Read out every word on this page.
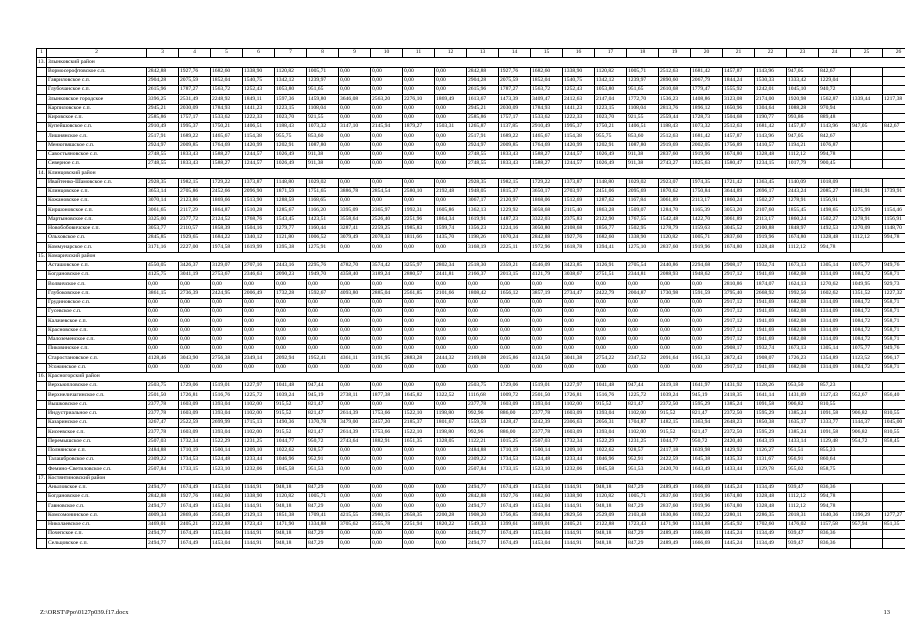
1	2	3	4	5	6	7	8	9	10	11	12	13	14	15	16	17	18	19	20	21	22	23	24	25	26
13.	Злынковский район																								
	Вормосерофтовское с.п.	2842,88	1927,76	1682,60	1338,90	1120,82	1005,71	0,00	0,00	0,00	0,00	2842,88	1927,76	1682,60	1338,90	1120,82	1005,71	2512,63	1681,42	1457,87	1143,96	947,05	842,67		
	Гавриловское с.п.	2904,28	2075,59	1852,04	1540,75	1342,12	1239,97	0,00	0,00	0,00	0,00	2904,28	2075,59	1852,04	1540,75	1342,12	1239,97	2890,60	2067,79	1844,24	1530,33	1333,42	1229,04		
	Глубочанское с.п.	2615,96	1787,27	1563,72	1252,43	1053,80	951,65	0,00	0,00	0,00	0,00	2615,96	1787,27	1563,72	1252,43	1053,80	951,65	2610,68	1779,47	1555,92	1242,01	1045,10	940,72		
	Злынковское городское	3396,25	2531,49	2248,92	1849,11	1597,36	1459,80	3646,08	2563,20	2276,10	1869,49	1613,67	1473,39	3409,47	2412,63	2147,04	1772,70	1536,23	1408,86	3123,08	2174,00	1920,98	1562,87	1339,44	1217,38
	Карпиловское с.п.	2945,21	2030,09	1784,93	1441,23	1223,15	1108,04	0,00	0,00	0,00	0,00	2945,21	2030,09	1784,93	1441,23	1223,15	1108,04	2813,76	1896,12	1650,96	1304,64	1088,28	970,94		
	Кировское с.п.	2585,86	1757,17	1533,62	1222,33	1023,70	921,55	0,00	0,00	0,00	0,00	2585,86	1757,17	1533,62	1222,33	1023,70	921,55	2559,44	1728,73	1504,68	1190,77	993,86	889,48		
	Купейшовское с.п.	2910,49	1995,37	1750,21	1406,51	1188,43	1073,32	3147,10	2145,94	1879,27	1503,31	1265,87	1137,85	2910,49	1995,37	1750,21	1406,51	1188,43	1073,32	2512,63	1681,42	1457,87	1143,96	947,05	842,67
	Лишнянское с.п.	2517,91	1689,22	1465,67	1154,38	955,75	853,60	0,00	0,00	0,00	0,00	2517,91	1689,22	1465,67	1154,38	955,75	853,60	2512,63	1681,42	1457,87	1143,96	947,05	842,67		
	Менюгвяшское с.п.	2924,97	2009,85	1764,69	1420,99	1202,91	1087,80	0,00	0,00	0,00	0,00	2924,97	2009,85	1764,69	1420,99	1202,91	1087,80	2919,69	2002,05	1756,89	1410,57	1194,21	1076,87		
	Савостьяновское с.п.	2748,55	1833,43	1588,27	1244,57	1026,49	911,38	0,00	0,00	0,00	0,00	2748,55	1833,43	1588,27	1244,57	1026,49	911,38	2837,60	1919,96	1674,80	1328,48	1112,12	994,78		
	Северное с.п.	2748,55	1833,43	1588,27	1244,57	1026,49	911,38	0,00	0,00	0,00	0,00	2748,55	1833,43	1588,27	1244,57	1026,49	911,38	2743,27	1825,63	1580,47	1234,15	1017,79	900,45		
14.	Клинцовский район																								
	Ивайтенко-Шамовское с.п.	2928,35	1982,15	1729,22	1373,87	1148,80	1029,02	0,00	0,00	0,00	0,00	2928,35	1982,15	1729,22	1373,87	1148,80	1029,02	2923,07	1974,35	1721,42	1363,45	1140,09	1018,09		
	Клинцовское с.п.	3653,14	2705,86	2452,66	2096,90	1871,59	1751,65	3886,78	2854,54	2580,10	2192,48	1948,05	1815,37	3650,17	2703,97	2451,06	2095,69	1870,62	1750,84	3644,89	2696,17	2443,24	2085,27	1861,91	1739,91
	Кожановское с.п.	3070,14	2123,86	1869,66	1513,90	1288,59	1168,65	0,00	0,00	0,00	0,00	3067,17	2120,97	1868,06	1512,69	1287,62	1167,84	3061,89	2113,17	1860,24	1502,27	1278,91	1156,91		
	Киршоновское с.п.	3061,65	2117,29	1864,87	1510,28	1285,67	1166,20	3395,09	2365,97	1992,31	1605,86	1362,13	1229,92	3058,68	2115,40	1863,28	1509,07	1284,70	1165,39	3053,20	2107,60	1855,45	1498,65	1275,99	1154,46
	Мартыновское с.п.	3325,00	2377,72	2124,52	1768,76	1543,45	1423,51	3558,64	2526,40	2251,96	1864,34	1619,91	1487,23	3322,03	2375,83	2122,90	1767,55	1542,48	1422,70	3061,89	2113,17	1860,24	1502,27	1278,91	1156,91
	Новобобовичское с.п.	3053,77	2110,57	1858,39	1504,16	1279,77	1160,44	3287,41	2259,25	1985,83	1599,74	1356,23	1224,16	3050,80	2108,68	1856,77	1502,95	1278,79	1159,63	3045,52	2100,88	1848,97	1492,53	1270,09	1148,70
	Ольховское с.п.	2845,85	1929,65	1684,22	1340,12	1121,80	1006,52	3079,49	2078,33	1811,66	1435,70	1198,26	1070,24	2842,88	1927,76	1682,60	1338,90	1120,82	1005,71	2837,60	1919,96	1674,80	1328,48	1112,12	994,78
	Коммунарское с.п.	3171,16	2227,00	1974,58	1619,99	1395,38	1275,91	0,00	0,00	0,00	0,00	3168,19	2225,11	1972,96	1618,78	1394,41	1275,10	2837,60	1919,96	1674,80	1328,48	1112,12	994,78		
15.	Комаричский район																								
	Асташовское с.п.	4550,05	3426,37	3129,07	2707,16	2443,16	2295,76	4782,70	3574,42	3255,97	2802,34	2518,30	2359,21	4546,09	3423,85	3126,91	2705,54	2440,86	2294,68	2908,17	1932,74	1673,13	1305,14	1075,77	949,76
	Богдановское с.п.	4125,75	3041,19	2753,67	2346,63	2090,23	1949,70	4358,40	3189,24	2880,57	2441,81	2166,37	2013,15	4121,79	3038,67	2751,51	2344,81	2088,93	1948,62	2917,12	1941,69	1682,08	1314,09	1084,72	958,71
	Волвичское с.п.	0,00	0,00	0,00	0,00	0,00	0,00	0,00	0,00	0,00	0,00	0,00	0,00	0,00	0,00	0,00	0,00	0,00	0,00	2810,86	1874,07	1624,13	1270,62	1049,95	929,73
	Глубоковское с.п.	3861,15	2736,39	2424,95	2006,49	1732,28	1592,67	4093,80	2885,04	2561,85	2101,66	1808,42	1656,12	3857,19	2734,47	2422,79	2004,87	1730,98	1591,59	3795,40	2668,92	1992,56	1602,62	1351,52	1227,32
	Грудиновское с.п.	0,00	0,00	0,00	0,00	0,00	0,00	0,00	0,00	0,00	0,00	0,00	0,00	0,00	0,00	0,00	0,00	0,00	0,00	2917,12	1941,69	1682,08	1314,09	1084,72	958,71
	Гусевское с.п.	0,00	0,00	0,00	0,00	0,00	0,00	0,00	0,00	0,00	0,00	0,00	0,00	0,00	0,00	0,00	0,00	0,00	0,00	2917,12	1941,69	1682,08	1314,09	1084,72	958,71
	Калачевское с.п.	0,00	0,00	0,00	0,00	0,00	0,00	0,00	0,00	0,00	0,00	0,00	0,00	0,00	0,00	0,00	0,00	0,00	0,00	2917,12	1941,69	1682,08	1314,09	1084,72	958,71
	Красновское с.п.	0,00	0,00	0,00	0,00	0,00	0,00	0,00	0,00	0,00	0,00	0,00	0,00	0,00	0,00	0,00	0,00	0,00	0,00	2917,12	1941,69	1682,08	1314,09	1084,72	958,71
	Малоземенское с.п.	0,00	0,00	0,00	0,00	0,00	0,00	0,00	0,00	0,00	0,00	0,00	0,00	0,00	0,00	0,00	0,00	0,00	0,00	2917,12	1941,69	1682,08	1314,09	1084,72	958,71
	Пиковинское с.п.	0,00	0,00	0,00	0,00	0,00	0,00	0,00	0,00	0,00	0,00	0,00	0,00	0,00	0,00	0,00	0,00	0,00	0,00	2908,17	1932,74	1673,13	1305,14	1075,77	949,76
	Старостановское с.п.	4128,46	3043,90	2756,38	2349,14	2092,94	1952,41	4361,11	3191,95	2883,28	2444,32	2169,08	2015,86	4124,50	3041,38	2754,22	2347,52	2091,64	1951,33	2872,43	1908,07	1726,23	1354,89	1123,52	996,17
	Усожинское с.п.	0,00	0,00	0,00	0,00	0,00	0,00	0,00	0,00	0,00	0,00	0,00	0,00	0,00	0,00	0,00	0,00	0,00	0,00	2917,12	1941,69	1682,08	1314,09	1084,72	958,71
16.	Красногорский район																								
	Верхьюпловское с.п.	2503,75	1729,06	1519,01	1227,97	1041,48	947,44	0,00	0,00	0,00	0,00	2503,75	1729,06	1519,01	1227,97	1041,48	947,44	2419,18	1641,97	1431,92	1128,26	953,50	857,23		
	Верхнеличагинское с.п.	2501,50	1726,81	1516,76	1225,72	1039,24	945,19	2738,11	1877,38	1645,82	1322,52	1116,68	1009,72	2501,50	1726,81	1516,76	1225,72	1039,24	945,19	2418,35	1641,14	1431,09	1127,43	952,67	856,40
	Вышковское с.п.	2377,78	1603,09	1393,04	1102,00	915,52	821,47	0,00	0,00	0,00	0,00	2377,78	1603,09	1393,04	1102,00	915,52	821,47	2372,50	1595,29	1385,24	1091,58	906,82	810,55		
	Индустриальное с.п.	2377,78	1603,09	1393,04	1102,00	915,52	821,47	2614,39	1753,66	1522,10	1198,80	992,96	886,00	2377,78	1603,09	1393,04	1102,00	915,52	821,47	2372,50	1595,29	1385,24	1091,58	906,82	810,55
	Казаринское с.п.	3267,47	2522,59	2699,99	1715,13	1490,36	1370,78	3479,00	2457,20	2185,37	1801,67	1559,59	1428,47	3242,39	2306,63	2056,31	1704,87	1482,15	1363,94	2648,23	1850,38	1635,17	1333,77	1144,37	1045,00
	Кисеевское с.п.	2377,78	1603,09	1393,04	1102,00	915,52	821,47	2614,39	1753,66	1522,10	1198,80	992,96	886,00	2377,78	1603,09	1393,04	1102,00	915,52	821,47	2372,50	1595,29	1385,24	1091,58	906,82	810,55
	Перемышское с.п.	2507,03	1732,34	1522,29	1231,25	1044,77	950,72	2743,64	1882,91	1651,35	1328,05	1122,21	1015,25	2507,03	1732,34	1522,29	1231,25	1044,77	950,72	2420,40	1643,19	1433,14	1129,48	954,72	858,45
	Полнянское с.п.	2484,88	1710,19	1500,14	1209,10	1022,62	928,57	0,00	0,00	0,00	0,00	2484,88	1710,19	1500,14	1209,10	1022,62	928,57	2417,18	1639,98	1429,92	1126,27	951,51	855,23		
	Талашбровское с.п.	2309,22	1734,53	1524,48	1233,44	1046,96	952,91	0,00	0,00	0,00	0,00	2309,22	1734,53	1524,48	1233,44	1046,96	952,91	2422,59	1645,38	1435,33	1131,67	956,91	860,64		
	Фемино-Светиловское с.п.	2507,84	1733,15	1523,10	1232,06	1045,58	951,53	0,00	0,00	0,00	0,00	2507,84	1733,15	1523,10	1232,06	1045,58	951,53	2420,70	1643,49	1433,44	1129,78	955,02	858,75		
17.	Костянтиновский район																								
	Аныловское с.п.	2494,77	1674,49	1453,04	1144,91	948,18	847,29	0,00	0,00	0,00	0,00	2494,77	1674,49	1453,04	1144,91	948,18	847,29	2489,49	1666,69	1445,24	1134,49	939,47	836,36		
	Богдановское с.п.	2842,88	1927,76	1682,60	1338,90	1120,82	1005,71	0,00	0,00	0,00	0,00	2842,88	1927,76	1682,60	1338,90	1120,82	1005,71	2837,60	1919,96	1674,80	1328,48	1112,12	994,78		
	Гавновское с.п.	2494,77	1674,49	1453,04	1144,91	948,18	847,29	0,00	0,00	0,00	0,00	2494,77	1674,49	1453,04	1144,91	948,18	847,29	2837,60	1919,96	1674,80	1328,48	1112,12	994,78		
	Комсомонинское с.п.	4009,34	2869,46	2563,49	2129,13	1851,38	1709,41	4215,55	2980,15	2658,35	2200,28	1908,20	1756,85	3946,84	2829,56	2529,09	2103,48	1830,86	1692,22	2280,11	2286,35	2018,31	1640,36	1396,29	1277,27
	Николаевское с.п.	3469,01	2405,21	2122,88	1723,43	1471,90	1334,88	3705,62	2555,78	2251,94	1820,22	1549,33	1399,61	3469,01	2405,21	2122,88	1723,43	1471,90	1334,88	2545,92	1702,60	1476,02	1157,58	957,94	851,35
	Почепское с.п.	2494,77	1674,49	1453,04	1144,91	948,18	847,29	0,00	0,00	0,00	0,00	2494,77	1674,49	1453,04	1144,91	948,18	847,29	2489,49	1666,69	1445,24	1134,49	939,47	836,36		
	Сельцовское с.п.	2494,77	1674,49	1453,04	1144,91	948,18	847,29	0,00	0,00	0,00	0,00	2494,77	1674,49	1453,04	1144,91	948,18	847,29	2489,49	1666,69	1445,24	1134,49	939,47	836,36		
Z:\ORST\Ppo\0127p039.f17.docx	13
